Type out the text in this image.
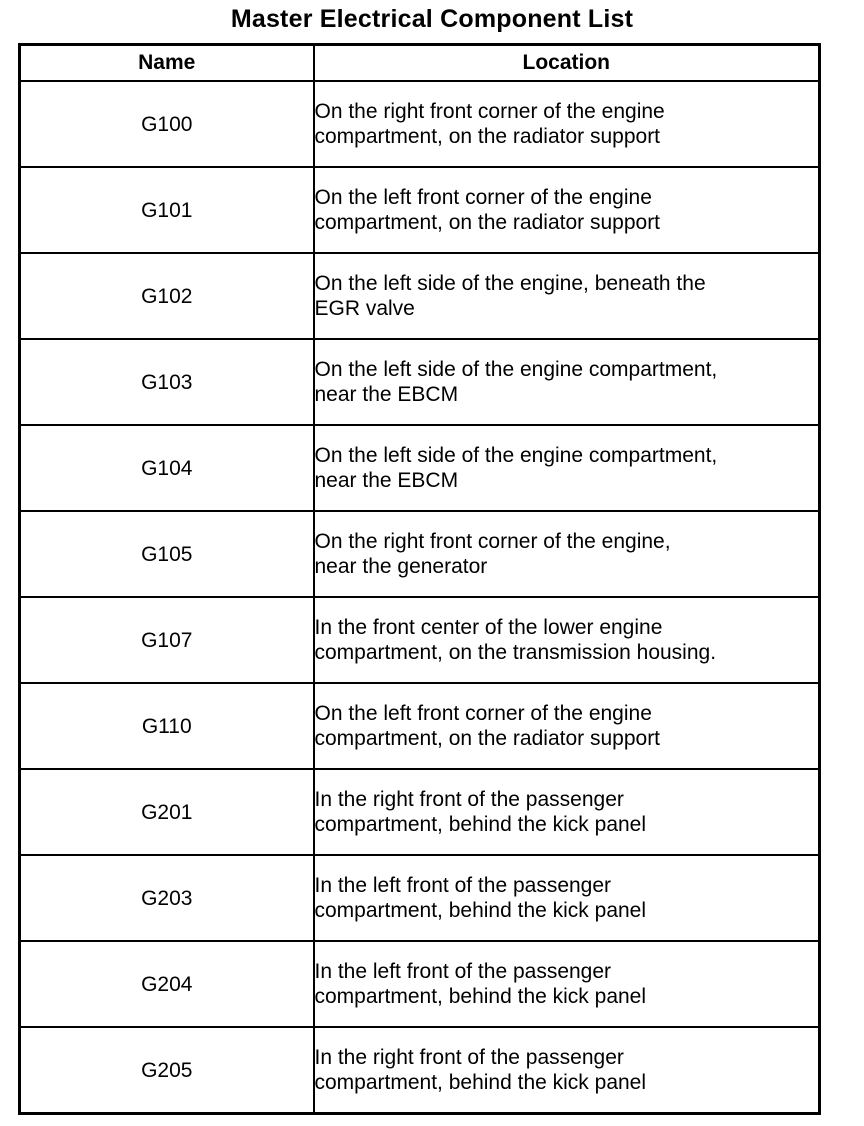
Master Electrical Component List
Name	Location
G100	On the right front corner of the engine
compartment, on the radiator support
G101	On the left front corner of the engine
compartment, on the radiator support
G102	On the left side of the engine, beneath the
EGR valve
G103	On the left side of the engine compartment,
near the EBCM
G104	On the left side of the engine compartment,
near the EBCM
G105	On the right front corner of the engine,
near the generator
G107	In the front center of the lower engine
compartment, on the transmission housing.
G110	On the left front corner of the engine
compartment, on the radiator support
G201	In the right front of the passenger
compartment, behind the kick panel
G203	In the left front of the passenger
compartment, behind the kick panel
G204	In the left front of the passenger
compartment, behind the kick panel
G205	In the right front of the passenger
compartment, behind the kick panel
